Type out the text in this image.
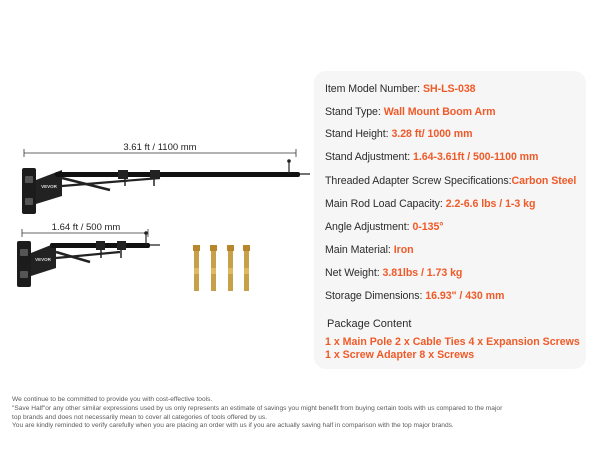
3.61 ft / 1100 mm
VEVOR
1.64 ft / 500 mm
VEVOR
Item Model Number: SH-LS-038
Stand Type: Wall Mount Boom Arm
Stand Height: 3.28 ft/ 1000 mm
Stand Adjustment: 1.64-3.61ft / 500-1100 mm
Threaded Adapter Screw Specifications:Carbon Steel
Main Rod Load Capacity: 2.2-6.6 lbs / 1-3 kg
Angle Adjustment: 0-135°
Main Material: Iron
Net Weight: 3.81lbs / 1.73 kg
Storage Dimensions: 16.93" / 430 mm
Package Content
1 x Main Pole 2 x Cable Ties 4 x Expansion Screws
1 x Screw Adapter 8 x Screws

We continue to be committed to provide you with cost-effective tools.

"Save Half"or any other similar expressions used by us only represents an estimate of savings you might benefit from buying certain tools with us compared to the major

top brands and does not necessarily mean to cover all categories of tools offered by us.

You are kindly reminded to verify carefully when you are placing an order with us if you are actually saving half in comparison with the top major brands.
